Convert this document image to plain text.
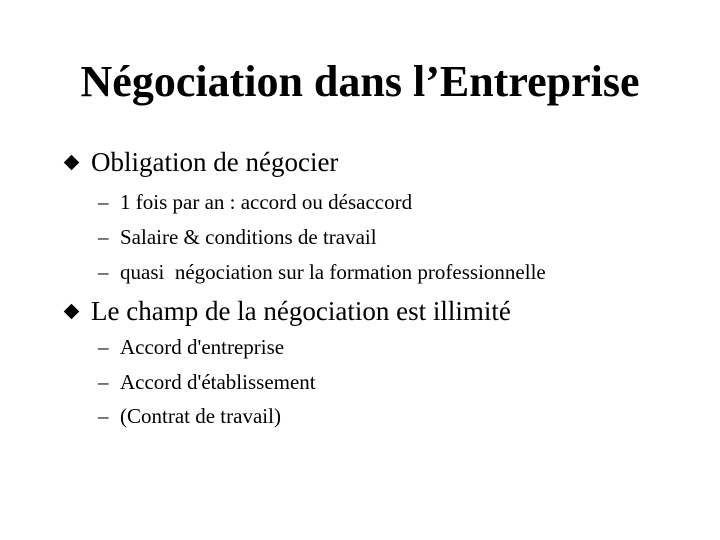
Négociation dans l’Entreprise
Obligation de négocier
– 1 fois par an : accord ou désaccord
– Salaire & conditions de travail
– quasi  négociation sur la formation professionnelle
Le champ de la négociation est illimité
– Accord d'entreprise
– Accord d'établissement
– (Contrat de travail)
